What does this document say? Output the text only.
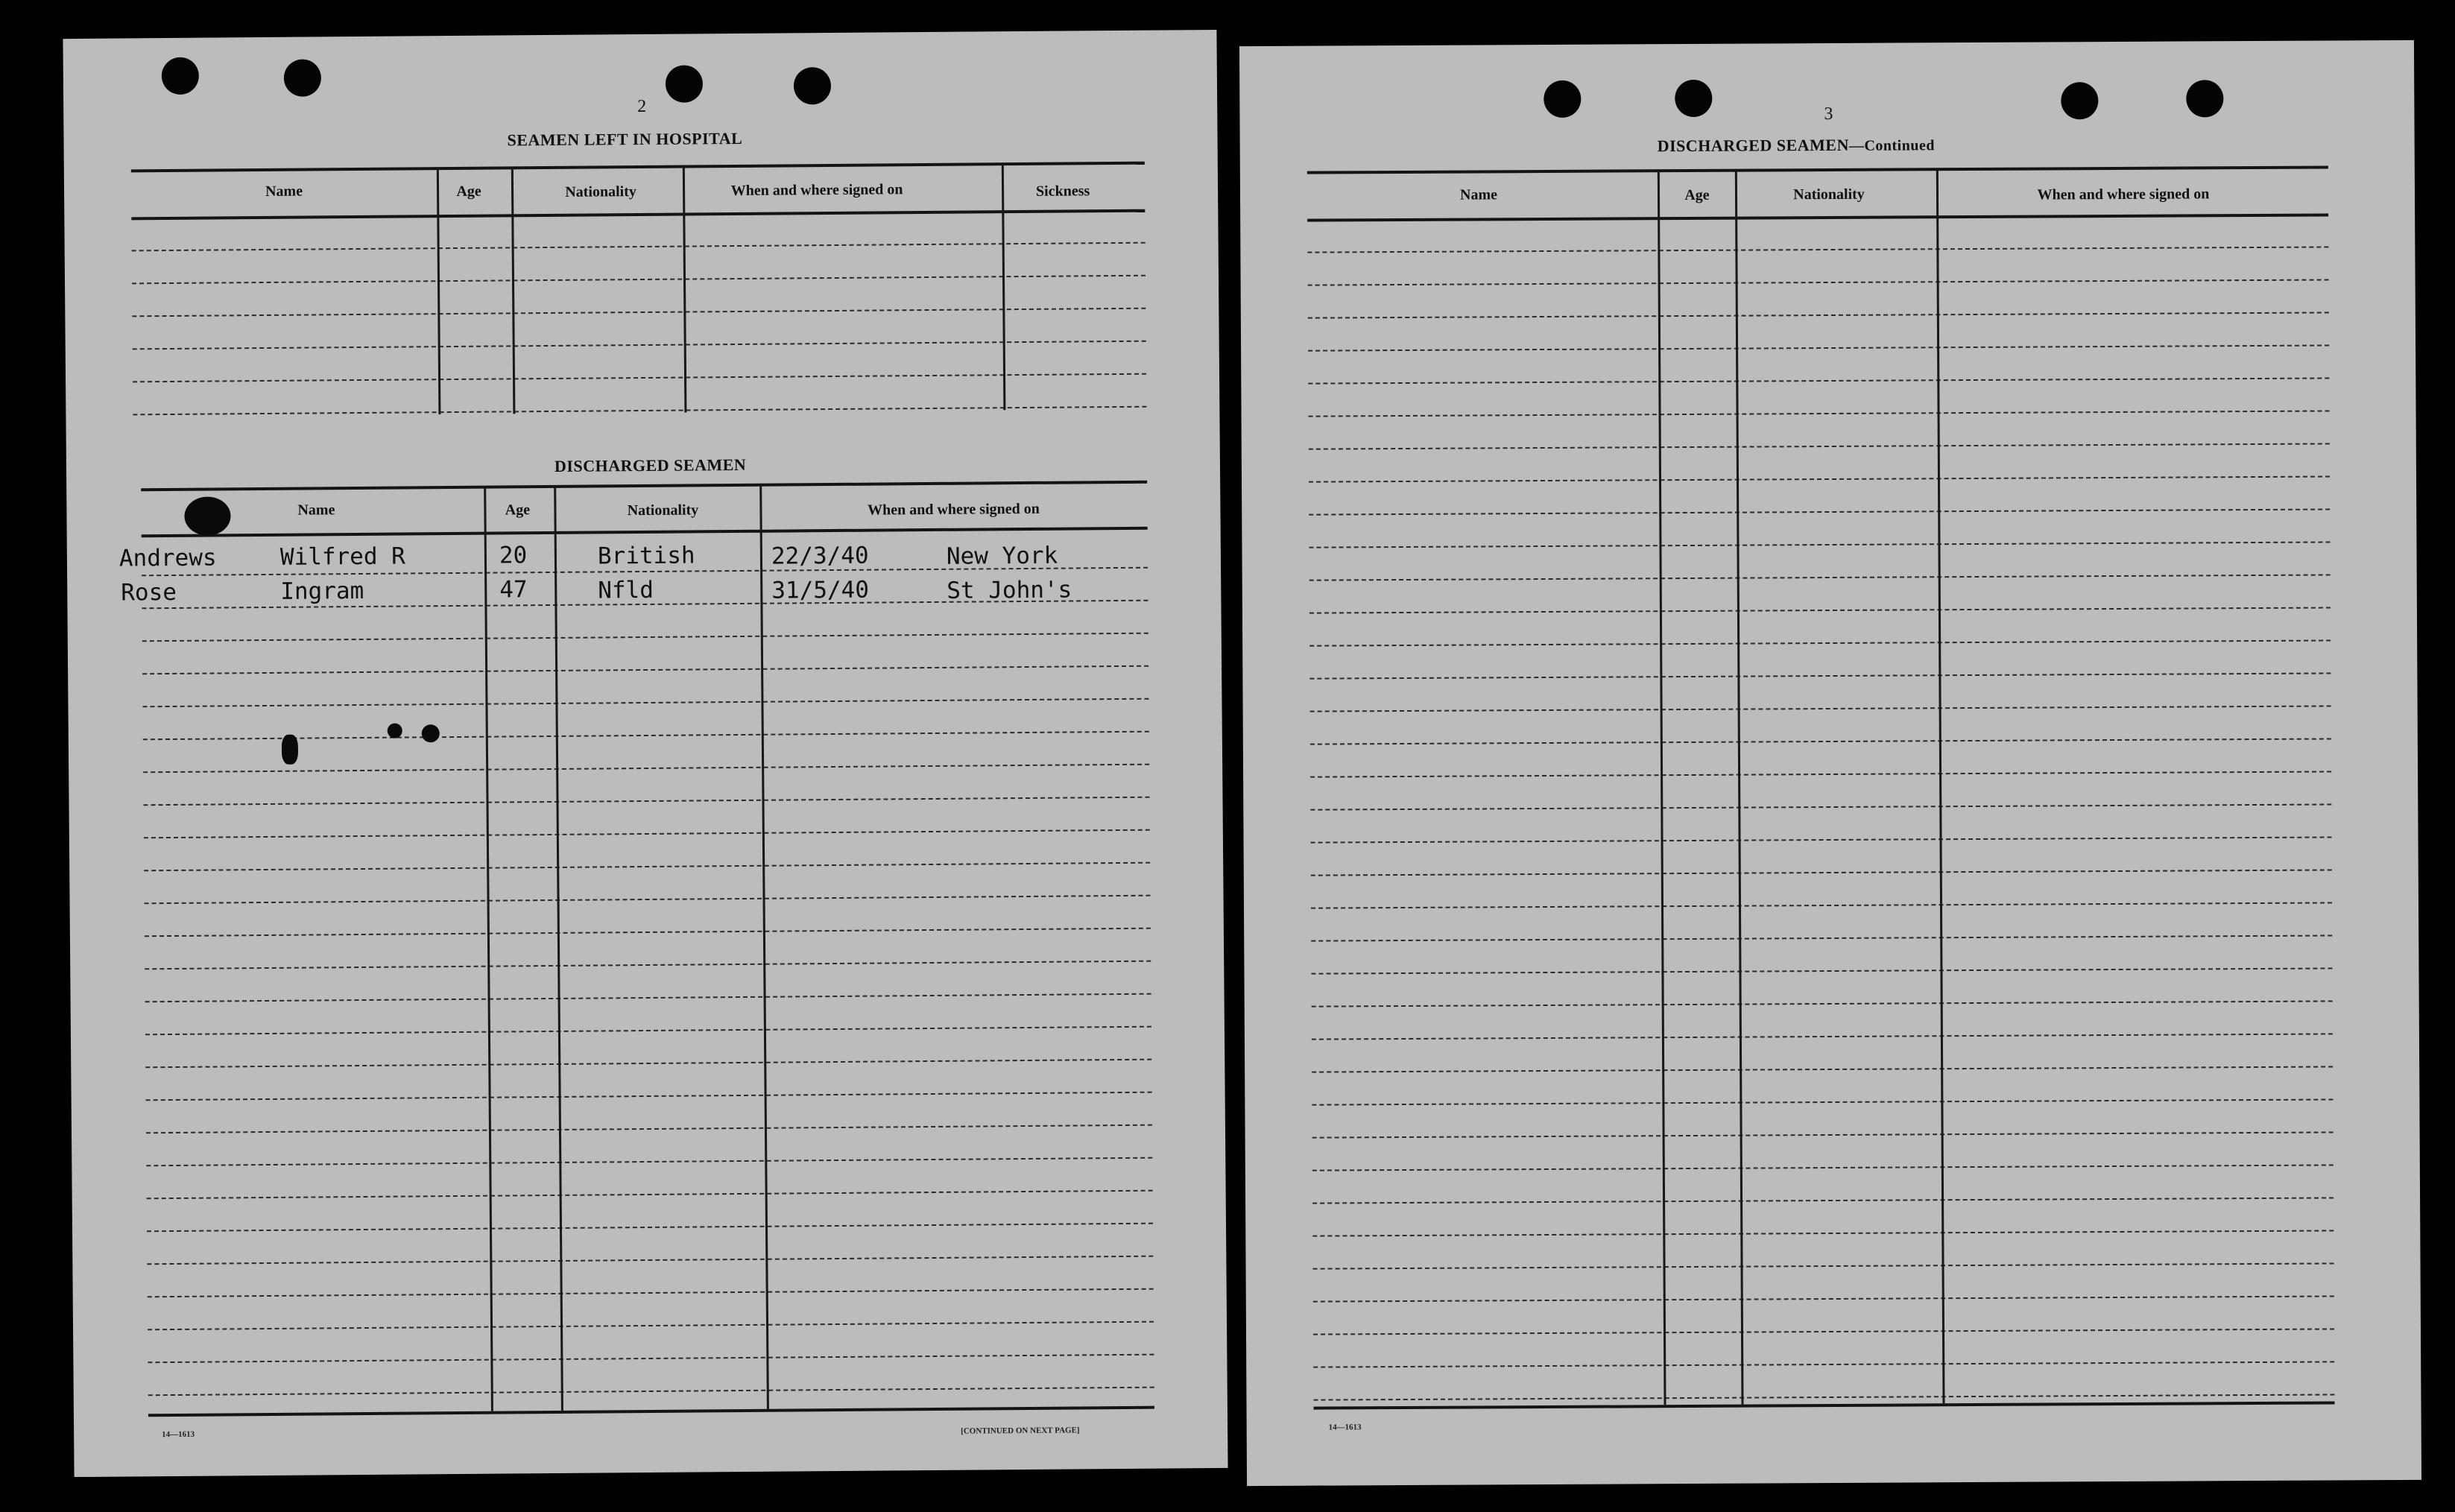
2
SEAMEN LEFT IN HOSPITAL
Name	Age	Nationality	When and where signed on	Sickness
DISCHARGED SEAMEN
Name	Age	Nationality	When and where signed on
Andrews	Wilfred R	20	British	22/3/40	New York
Rose	Ingram	47	Nfld	31/5/40	St John's
14—1613	[CONTINUED ON NEXT PAGE]
3
DISCHARGED SEAMEN—Continued
Name	Age	Nationality	When and where signed on
14—1613
